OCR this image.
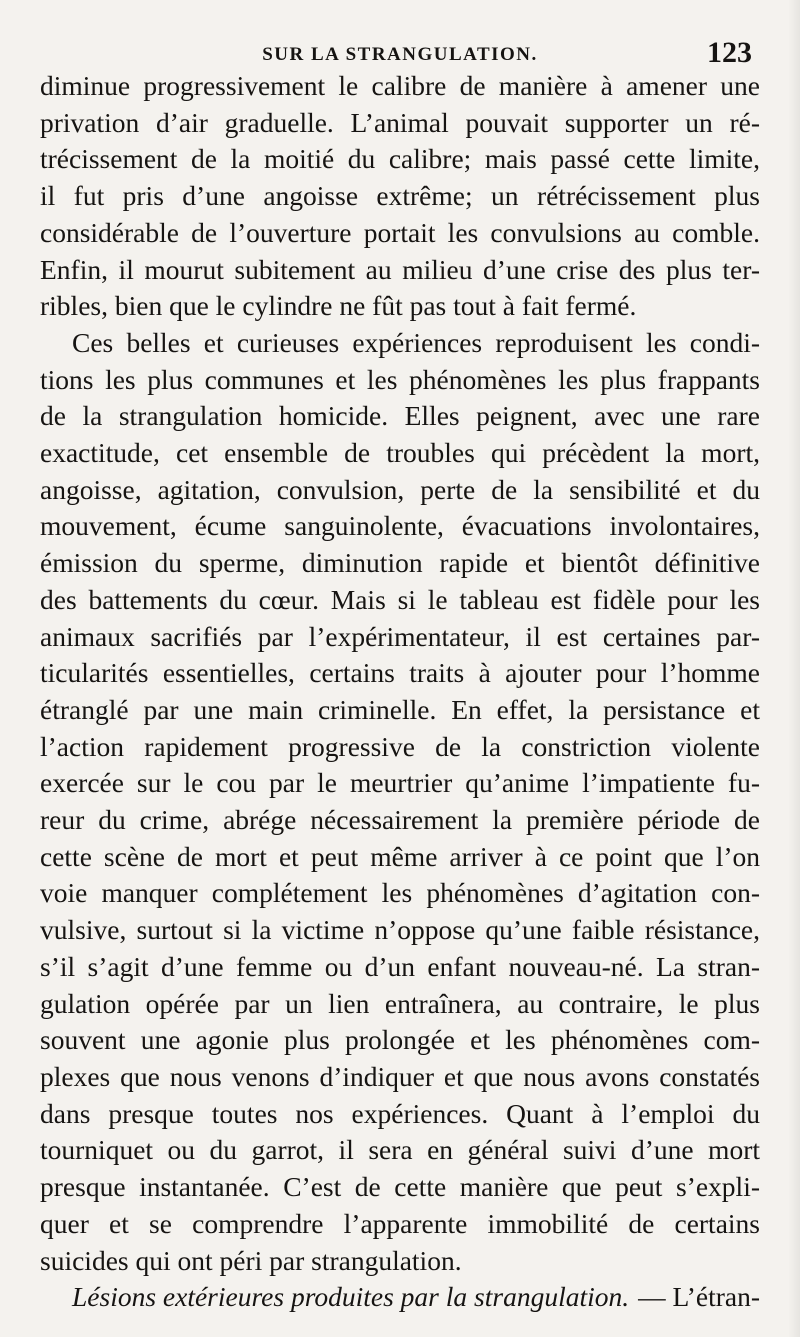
SUR LA STRANGULATION.	123

diminue progressivement le calibre de manière à amener une
privation d’air graduelle. L’animal pouvait supporter un ré-
trécissement de la moitié du calibre; mais passé cette limite,
il fut pris d’une angoisse extrême; un rétrécissement plus
considérable de l’ouverture portait les convulsions au comble.
Enfin, il mourut subitement au milieu d’une crise des plus ter-
ribles, bien que le cylindre ne fût pas tout à fait fermé.

Ces belles et curieuses expériences reproduisent les condi-
tions les plus communes et les phénomènes les plus frappants
de la strangulation homicide. Elles peignent, avec une rare
exactitude, cet ensemble de troubles qui précèdent la mort,
angoisse, agitation, convulsion, perte de la sensibilité et du
mouvement, écume sanguinolente, évacuations involontaires,
émission du sperme, diminution rapide et bientôt définitive
des battements du cœur. Mais si le tableau est fidèle pour les
animaux sacrifiés par l’expérimentateur, il est certaines par-
ticularités essentielles, certains traits à ajouter pour l’homme
étranglé par une main criminelle. En effet, la persistance et
l’action rapidement progressive de la constriction violente
exercée sur le cou par le meurtrier qu’anime l’impatiente fu-
reur du crime, abrége nécessairement la première période de
cette scène de mort et peut même arriver à ce point que l’on
voie manquer complétement les phénomènes d’agitation con-
vulsive, surtout si la victime n’oppose qu’une faible résistance,
s’il s’agit d’une femme ou d’un enfant nouveau-né. La stran-
gulation opérée par un lien entraînera, au contraire, le plus
souvent une agonie plus prolongée et les phénomènes com-
plexes que nous venons d’indiquer et que nous avons constatés
dans presque toutes nos expériences. Quant à l’emploi du
tourniquet ou du garrot, il sera en général suivi d’une mort
presque instantanée. C’est de cette manière que peut s’expli-
quer et se comprendre l’apparente immobilité de certains
suicides qui ont péri par strangulation.

Lésions extérieures produites par la strangulation. — L’étran-
